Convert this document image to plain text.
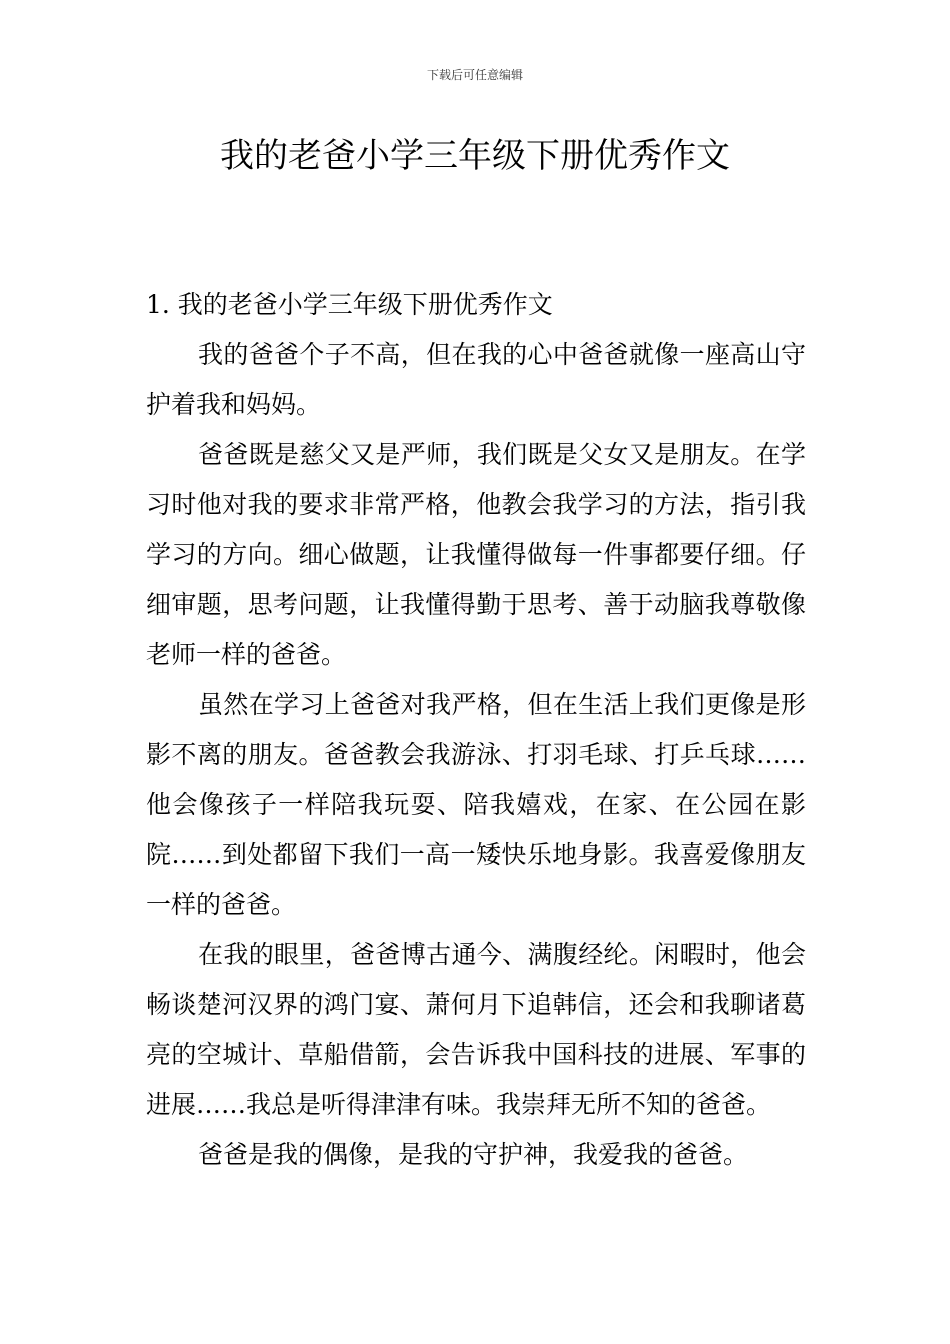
下载后可任意编辑
我的老爸小学三年级下册优秀作文

1. 我的老爸小学三年级下册优秀作文

我的爸爸个子不高，但在我的心中爸爸就像一座高山守护着我和妈妈。

爸爸既是慈父又是严师，我们既是父女又是朋友。在学习时他对我的要求非常严格，他教会我学习的方法，指引我学习的方向。细心做题，让我懂得做每一件事都要仔细。仔细审题，思考问题，让我懂得勤于思考、善于动脑我尊敬像老师一样的爸爸。

虽然在学习上爸爸对我严格，但在生活上我们更像是形影不离的朋友。爸爸教会我游泳、打羽毛球、打乒乓球……他会像孩子一样陪我玩耍、陪我嬉戏，在家、在公园在影 院……到处都留下我们一高一矮快乐地身影。我喜爱像朋友一样的爸爸。

在我的眼里，爸爸博古通今、满腹经纶。闲暇时，他会畅谈楚河汉界的鸿门宴、萧何月下追韩信，还会和我聊诸葛亮的空城计、草船借箭，会告诉我中国科技的进展、军事的进展……我总是听得津津有味。我崇拜无所不知的爸爸。

爸爸是我的偶像，是我的守护神，我爱我的爸爸。
